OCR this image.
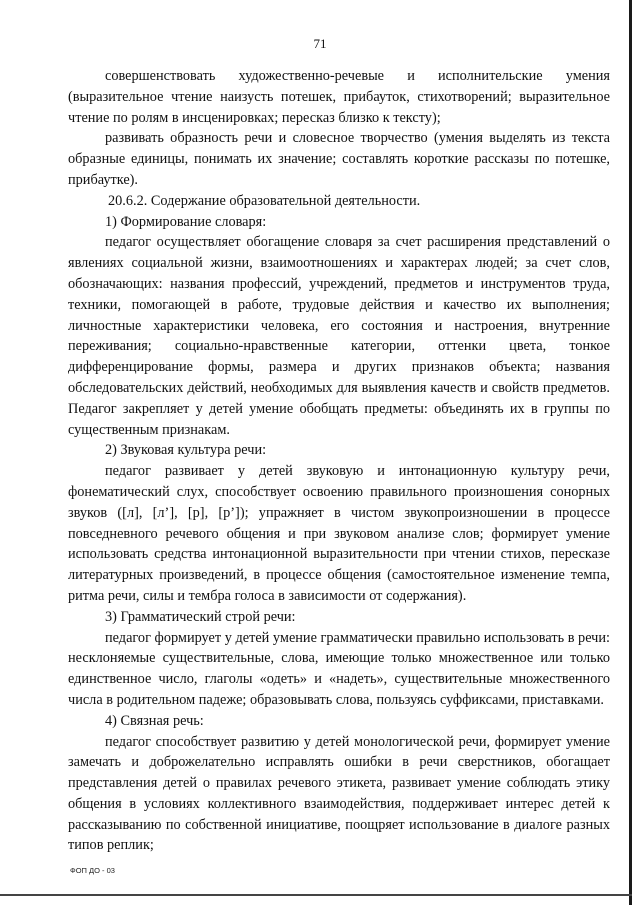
71

совершенствовать художественно-речевые и исполнительские умения (выразительное чтение наизусть потешек, прибауток, стихотворений; выразительное чтение по ролям в инсценировках; пересказ близко к тексту);

развивать образность речи и словесное творчество (умения выделять из текста образные единицы, понимать их значение; составлять короткие рассказы по потешке, прибаутке).

20.6.2. Содержание образовательной деятельности.

1) Формирование словаря:

педагог осуществляет обогащение словаря за счет расширения представлений о явлениях социальной жизни, взаимоотношениях и характерах людей; за счет слов, обозначающих: названия профессий, учреждений, предметов и инструментов труда, техники, помогающей в работе, трудовые действия и качество их выполнения; личностные характеристики человека, его состояния и настроения, внутренние переживания; социально-нравственные категории, оттенки цвета, тонкое дифференцирование формы, размера и других признаков объекта; названия обследовательских действий, необходимых для выявления качеств и свойств предметов. Педагог закрепляет у детей умение обобщать предметы: объединять их в группы по существенным признакам.

2) Звуковая культура речи:

педагог развивает у детей звуковую и интонационную культуру речи, фонематический слух, способствует освоению правильного произношения сонорных звуков ([л], [л’], [р], [р’]); упражняет в чистом звукопроизношении в процессе повседневного речевого общения и при звуковом анализе слов; формирует умение использовать средства интонационной выразительности при чтении стихов, пересказе литературных произведений, в процессе общения (самостоятельное изменение темпа, ритма речи, силы и тембра голоса в зависимости от содержания).

3) Грамматический строй речи:

педагог формирует у детей умение грамматически правильно использовать в речи: несклоняемые существительные, слова, имеющие только множественное или только единственное число, глаголы «одеть» и «надеть», существительные множественного числа в родительном падеже; образовывать слова, пользуясь суффиксами, приставками.

4) Связная речь:

педагог способствует развитию у детей монологической речи, формирует умение замечать и доброжелательно исправлять ошибки в речи сверстников, обогащает представления детей о правилах речевого этикета, развивает умение соблюдать этику общения в условиях коллективного взаимодействия, поддерживает интерес детей к рассказыванию по собственной инициативе, поощряет использование в диалоге разных типов реплик;

ФОП ДО - 03
